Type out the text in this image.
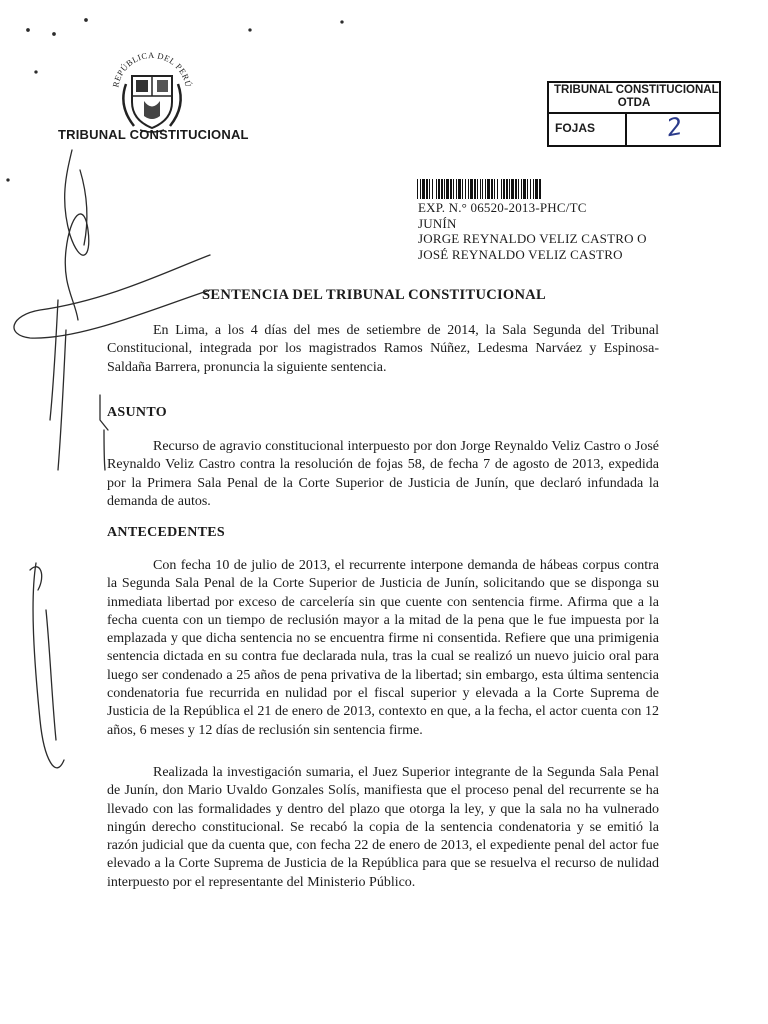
REPÚBLICA DEL PERÚ
TRIBUNAL CONSTITUCIONAL
TRIBUNAL CONSTITUCIONAL
OTDA
FOJAS	2
EXP. N.° 06520-2013-PHC/TC
JUNÍN
JORGE REYNALDO VELIZ CASTRO O
JOSÉ REYNALDO VELIZ CASTRO
SENTENCIA DEL TRIBUNAL CONSTITUCIONAL

En Lima, a los 4 días del mes de setiembre de 2014, la Sala Segunda del Tribunal Constitucional, integrada por los magistrados Ramos Núñez, Ledesma Narváez y Espinosa-Saldaña Barrera, pronuncia la siguiente sentencia.

ASUNTO

Recurso de agravio constitucional interpuesto por don Jorge Reynaldo Veliz Castro o José Reynaldo Veliz Castro contra la resolución de fojas 58, de fecha 7 de agosto de 2013, expedida por la Primera Sala Penal de la Corte Superior de Justicia de Junín, que declaró infundada la demanda de autos.

ANTECEDENTES

Con fecha 10 de julio de 2013, el recurrente interpone demanda de hábeas corpus contra la Segunda Sala Penal de la Corte Superior de Justicia de Junín, solicitando que se disponga su inmediata libertad por exceso de carcelería sin que cuente con sentencia firme. Afirma que a la fecha cuenta con un tiempo de reclusión mayor a la mitad de la pena que le fue impuesta por la emplazada y que dicha sentencia no se encuentra firme ni consentida. Refiere que una primigenia sentencia dictada en su contra fue declarada nula, tras la cual se realizó un nuevo juicio oral para luego ser condenado a 25 años de pena privativa de la libertad; sin embargo, esta última sentencia condenatoria fue recurrida en nulidad por el fiscal superior y elevada a la Corte Suprema de Justicia de la República el 21 de enero de 2013, contexto en que, a la fecha, el actor cuenta con 12 años, 6 meses y 12 días de reclusión sin sentencia firme.

Realizada la investigación sumaria, el Juez Superior integrante de la Segunda Sala Penal de Junín, don Mario Uvaldo Gonzales Solís, manifiesta que el proceso penal del recurrente se ha llevado con las formalidades y dentro del plazo que otorga la ley, y que la sala no ha vulnerado ningún derecho constitucional. Se recabó la copia de la sentencia condenatoria y se emitió la razón judicial que da cuenta que, con fecha 22 de enero de 2013, el expediente penal del actor fue elevado a la Corte Suprema de Justicia de la República para que se resuelva el recurso de nulidad interpuesto por el representante del Ministerio Público.
